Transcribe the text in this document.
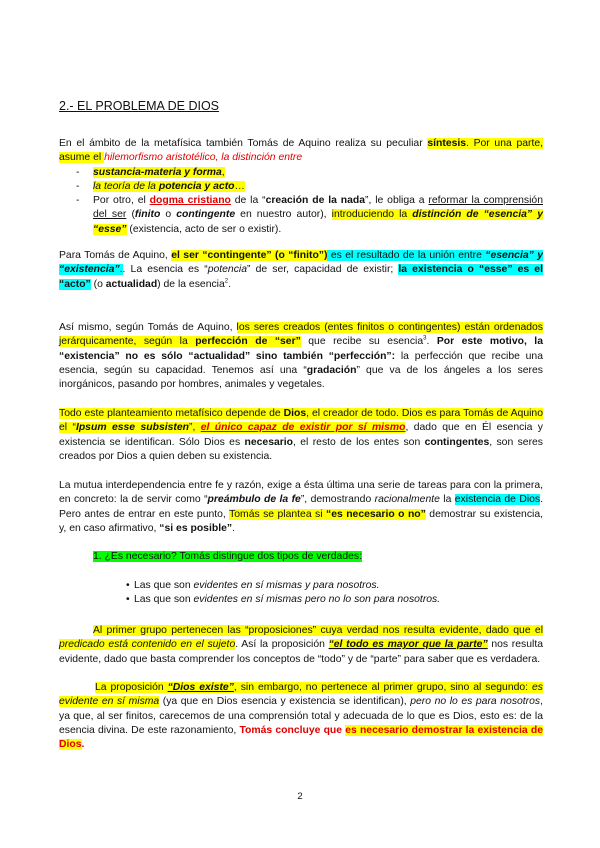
2.- EL PROBLEMA DE DIOS
En el ámbito de la metafísica también Tomás de Aquino realiza su peculiar síntesis. Por una parte, asume el hilemorfismo aristotélico, la distinción entre
- sustancia-materia y forma,
- la teoría de la potencia y acto…
- Por otro, el dogma cristiano de la “creación de la nada”, le obliga a reformar la comprensión del ser (finito o contingente en nuestro autor), introduciendo la distinción de “esencia” y “esse” (existencia, acto de ser o existir).
Para Tomás de Aquino, el ser “contingente” (o “finito”) es el resultado de la unión entre “esencia” y “existencia”.. La esencia es “potencia” de ser, capacidad de existir; la existencia o “esse” es el “acto” (o actualidad) de la esencia$^2$.
Así mismo, según Tomás de Aquino, los seres creados (entes finitos o contingentes) están ordenados jerárquicamente, según la perfección de “ser” que recibe su esencia$^3$. Por este motivo, la “existencia” no es sólo “actualidad” sino también “perfección”: la perfección que recibe una esencia, según su capacidad. Tenemos así una “gradación” que va de los ángeles a los seres inorgánicos, pasando por hombres, animales y vegetales.
Todo este planteamiento metafísico depende de Dios, el creador de todo. Dios es para Tomás de Aquino el “Ipsum esse subsisten”, el único capaz de existir por sí mismo, dado que en Él esencia y existencia se identifican. Sólo Dios es necesario, el resto de los entes son contingentes, son seres creados por Dios a quien deben su existencia.
La mutua interdependencia entre fe y razón, exige a ésta última una serie de tareas para con la primera, en concreto: la de servir como “preámbulo de la fe”, demostrando racionalmente la existencia de Dios. Pero antes de entrar en este punto, Tomás se plantea si “es necesario o no” demostrar su existencia, y, en caso afirmativo, “si es posible”.
1. ¿Es necesario? Tomás distingue dos tipos de verdades:
• Las que son evidentes en sí mismas y para nosotros.
• Las que son evidentes en sí mismas pero no lo son para nosotros.
Al primer grupo pertenecen las “proposiciones” cuya verdad nos resulta evidente, dado que el predicado está contenido en el sujeto. Así la proposición “el todo es mayor que la parte” nos resulta evidente, dado que basta comprender los conceptos de “todo” y de “parte” para saber que es verdadera.
La proposición “Dios existe”, sin embargo, no pertenece al primer grupo, sino al segundo: es evidente en sí misma (ya que en Dios esencia y existencia se identifican), pero no lo es para nosotros, ya que, al ser finitos, carecemos de una comprensión total y adecuada de lo que es Dios, esto es: de la esencia divina. De este razonamiento, Tomás concluye que es necesario demostrar la existencia de Dios.
2
